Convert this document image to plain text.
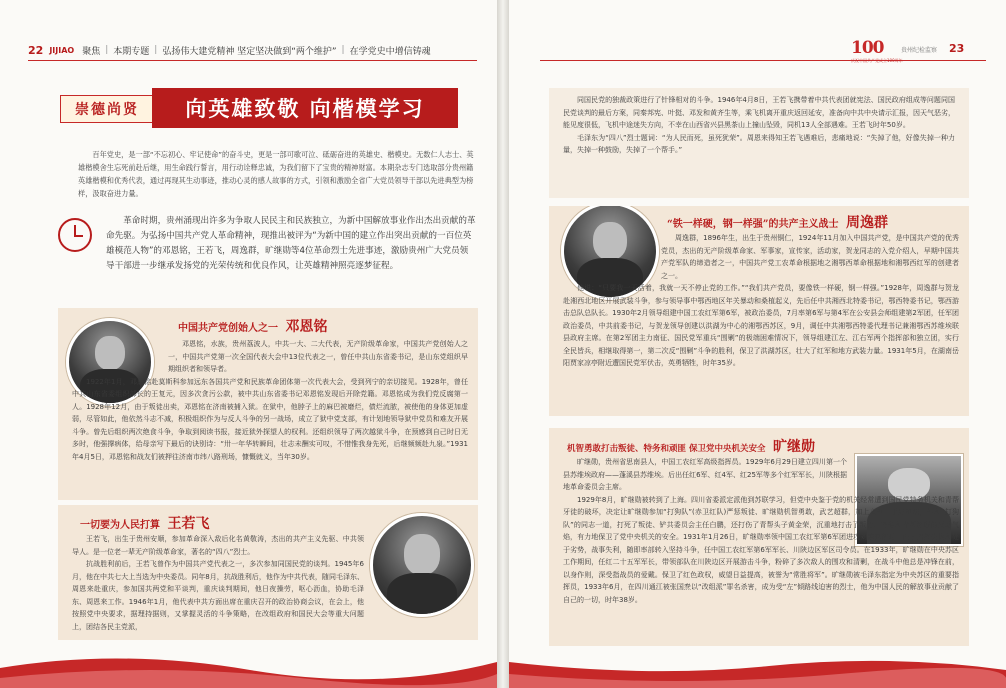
22 JIJIAO 聚焦 | 本期专题 | 弘扬伟大建党精神 坚定坚决做到“两个维护” | 在学党史中增信铸魂
崇德尚贤	向英雄致敬 向楷模学习
百年党史，是一部“不忘初心、牢记使命”的奋斗史，更是一部可歌可泣、砥砺奋进的英雄史、楷模史。无数仁人志士、英雄楷模舍生忘死前赴后继，用生命践行誓言，用行动诠释忠诚，为我们留下了宝贵的精神财富。本期杂志专门选取部分贵州籍英雄楷模和优秀代表，通过再现其生动事迹，推动心灵的感人故事的方式，引领和激励全省广大党员领导干部以先进典型为榜样，汲取奋进力量。
革命时期，贵州涌现出许多为争取人民民主和民族独立，为新中国解放事业作出杰出贡献的革命先驱。为弘扬中国共产党人革命精神，现推出被评为“为新中国的建立作出突出贡献的一百位英雄模范人物”的邓恩铭，王若飞，周逸群，旷继勋等4位革命烈士先进事迹，激励贵州广大党员领导干部进一步继承发扬党的光荣传统和优良作风，让英雄精神照亮逐梦征程。
中国共产党创始人之一 邓恩铭

邓恩铭，水族，贵州荔波人，中共一大、二大代表，无产阶级革命家，中国共产党创始人之一，中国共产党第一次全国代表大会中13位代表之一，曾任中共山东省委书记，是山东党组织早期组织者和领导者。

1922年1月，邓恩铭赴莫斯科参加远东各国共产党和民族革命团体第一次代表大会，受到列宁的亲切接见。1928年，曾任中共山东省委组织部长的王复元，因多次贪污公款，被中共山东省委书记邓恩铭发现后开除党籍。邓恩铭成为我们党反腐第一人。1928年12月，由于叛徒出卖，邓恩铭在济南被捕入狱。在狱中，他脖子上的麻巴被磨烂，债烂流脓，被使他的身体更加虚弱，尽管如此，他依然斗志不减，积极组织作为与反人斗争的另一战场，成立了狱中党支部，有计划地领导狱中党员和难友开展斗争。曾先后组织两次绝食斗争，争取到阅读书报，接近狱外探望人的权利。还组织领导了两次越狱斗争，在预感到自己时日无多时，他强撑病体，给母亲写下最后的诀别诗：“卅一年华转瞬间，壮志未酬实可叹，不惜惟我身先死，后继频频赴九泉。”1931年4月5日，邓恩铭和战友们被押往济南市纬八路刑场，慷慨就义，当年30岁。

一切要为人民打算 王若飞

王若飞，出生于贵州安顺，参加革命深入敌后化名黄敬涛，杰出的共产主义先驱、中共领导人。是一位老一辈无产阶级革命家，著名的“四八”烈士。

抗战胜利前后，王若飞曾作为中国共产党代表之一，多次参加同国民党的谈判。1945年6月，他在中共七大上当选为中央委员。同年8月，抗战胜利后，他作为中共代表，随同毛泽东、周恩来赴重庆，参加国共两党和平谈判，重庆谈判期间，他日夜操劳，呕心沥血，协助毛泽东、周恩来工作。1946年1月，他代表中共方面出席在重庆召开的政治协商会议，在会上，他按照党中央要求，据理持据则，又掌握灵活的斗争策略，在改组政府和国民大会等重大问题上，团结各民主党派，

100
庆祝中国共产党成立100周年
贵州纪检监察 23

同国民党的独裁政策进行了针锋相对的斗争。1946年4月8日，王若飞携带着中共代表团就宪法、国民政府组成等问题同国民党谈判的最后方案，同秦邦宪、叶挺、邓发和黄齐生等，乘飞机离开重庆返回延安，准备向中共中央请示汇报，因天气恶劣，能见度很低，飞机中途迷失方向，不幸在山西省兴县黑茶山上撞山坠毁，同机13人全部遇难。王若飞时年50岁。

毛泽东为“四八”烈士题词：“为人民而死，虽死犹荣”。周恩来得知王若飞遇难后，悲痛地说：“失掉了他，好像失掉一种力量，失掉一种鼓励，失掉了一个帮手。”

“铁一样硬，钢一样强”的共产主义战士 周逸群

周逸群，1896年生，出生于贵州铜仁，1924年11月加入中国共产党，是中国共产党的优秀党员，杰出的无产阶级革命家、军事家，宣传家，活动家，贺龙同志的入党介绍人，早期中国共产党军队的缔造者之一，中国共产党工农革命根据地之湘鄂西革命根据地和湘鄂西红军的创建者之一。

他说：“只要我一天活着，我就一天不停止党的工作。”“我们共产党员，要像铁一样硬，钢一样强。”1928年，周逸群与贺龙赴湘西北地区开展武装斗争，参与领导事中鄂西地区年关暴动和桑植起义，先后任中共湘西北特委书记，鄂西特委书记，鄂西游击总队总队长。1930年2月领导组建中国工农红军第6军，被政治委员，7月率第6军与第4军在公安县会师组建第2军团，任军团政治委员，中共前委书记，与贺龙领导创建以洪湖为中心的湘鄂西苏区，9月，调任中共湘鄂西特委代理书记兼湘鄂西苏维埃联县政府主席。在第2军团主力南征、国民党军重兵“围剿”的极端困难情况下，领导组建江左、江右军两个指挥部和独立团，实行全民皆兵，相继取得第一，第二次反“围剿”斗争的胜利，保卫了洪湖苏区，壮大了红军和地方武装力量。1931年5月，在湖南岳阳贾家凉亭附近遭国民党军伏击，英勇牺牲，时年35岁。

机智勇敢打击叛徒、特务和顽匪 保卫党中央机关安全 旷继勋

旷继勋，贵州省思南县人，中国工农红军高级指挥员。1929年6月29日建立四川第一个县苏维埃政府——蓬溪县苏维埃。后出任红6军、红4军、红25军等多个红军军长，川陕根据地革命委员会主席。

1929年8月，旷继勋被转到了上海。四川省委派定派他到苏联学习，但党中央鉴于党的机关经常遭到国民党特务机关和青帮牙徒的破坏，决定让旷继勋参加“打狗队”(赤卫红队)严惩叛徒、旷继勋机智勇敢，武艺超群，加上义有一手好枪法，他和“打狗队”的同志一道，打死了叛徒、铲共委员会主任白鹏，还打伤了青帮头子黄金荣，沉重地打击了叛徒、特务和青帮流氓的反动气焰，有力地保卫了党中央机关的安全。1931年1月26日，旷继勋率领中国工农红军第6军团进攻刘德亮部时，由于指挥失误和处于劣势，战事失利，随即率部转入坚持斗争，任中国工农红军第6军军长、川陕边区军区司令员。在1933年，旷继勋在中央苏区工作期间，任红二十五军军长，带领部队在川陕边区开展游击斗争，粉碎了多次敌人的围攻和清剿，在战斗中他总是冲锋在前，以身作则，深受指战员的爱戴。保卫了红色政权，威望日益提高，被誉为“常胜将军”。旷继勋被毛泽东指定为中央苏区的重要指挥员，1933年6月，在四川通江被张国焘以“改组派”罪名杀害，成为受“左”倾路线迫害的烈士，他为中国人民的解放事业贡献了自己的一切，时年38岁。
